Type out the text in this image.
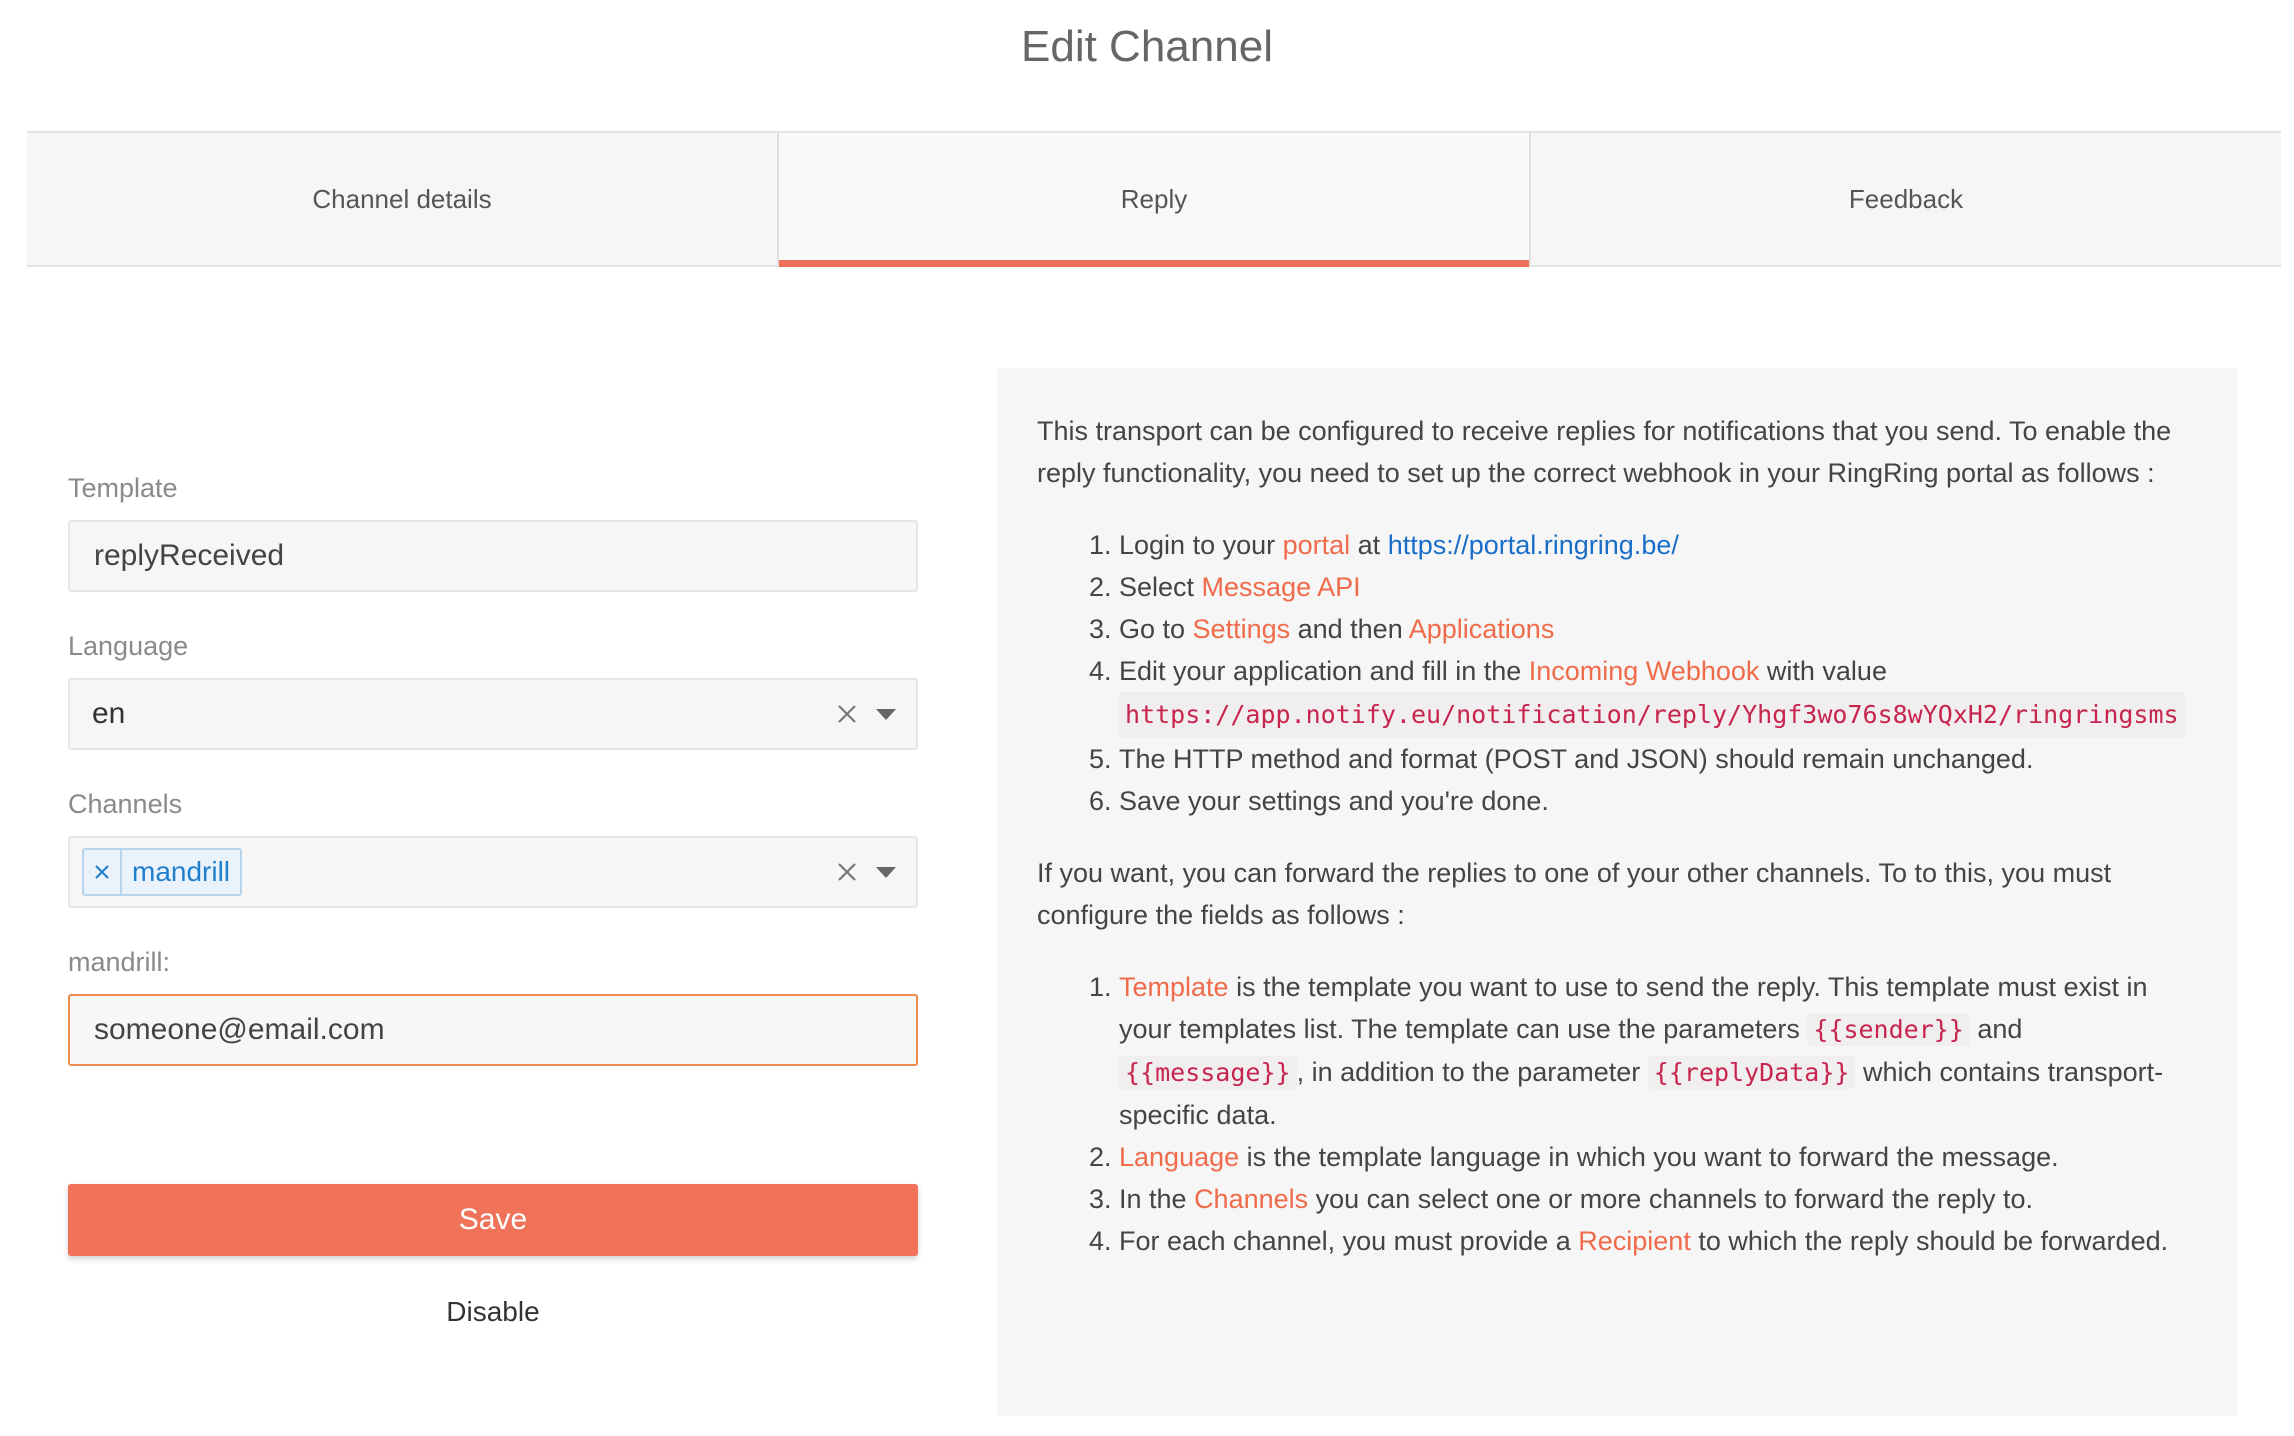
Edit Channel
Channel details	Reply	Feedback
Template
replyReceived
Language
en
Channels
mandrill
mandrill:
someone@email.com
Save
Disable

This transport can be configured to receive replies for notifications that you send. To enable the reply functionality, you need to set up the correct webhook in your RingRing portal as follows :

1. Login to your portal at https://portal.ringring.be/
2. Select Message API
3. Go to Settings and then Applications
4. Edit your application and fill in the Incoming Webhook with value
https://app.notify.eu/notification/reply/Yhgf3wo76s8wYQxH2/ringringsms
5. The HTTP method and format (POST and JSON) should remain unchanged.
6. Save your settings and you're done.

If you want, you can forward the replies to one of your other channels. To to this, you must configure the fields as follows :

1. Template is the template you want to use to send the reply. This template must exist in your templates list. The template can use the parameters {{sender}} and {{message}} , in addition to the parameter {{replyData}} which contains transport-specific data.
2. Language is the template language in which you want to forward the message.
3. In the Channels you can select one or more channels to forward the reply to.
4. For each channel, you must provide a Recipient to which the reply should be forwarded.
